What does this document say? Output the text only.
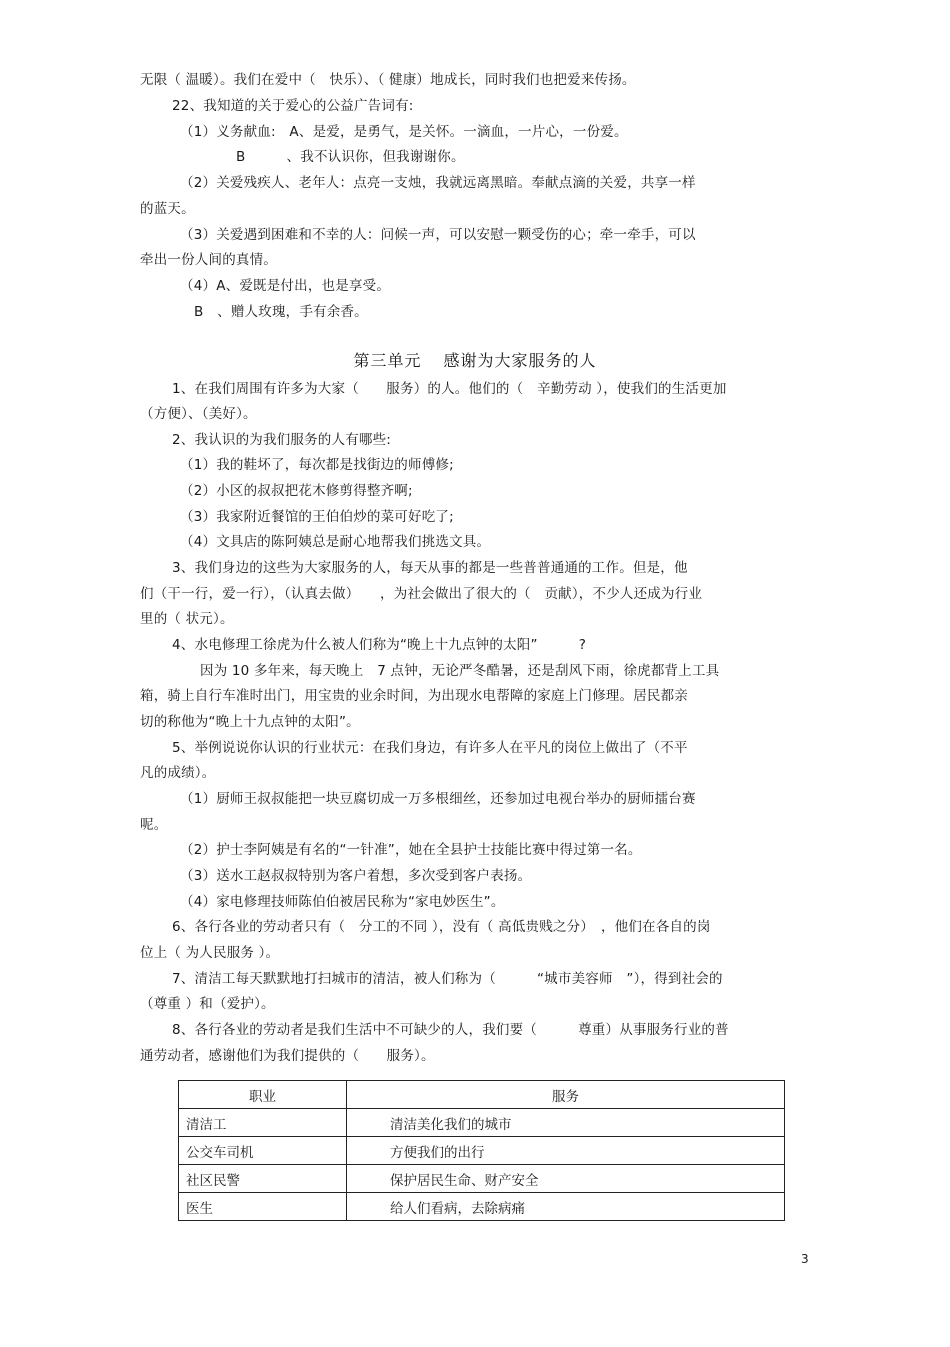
无限（ 温暖）。我们在爱中（　快乐）、（ 健康）地成长，同时我们也把爱来传扬。
22、我知道的关于爱心的公益广告词有:
（1）义务献血:　A、是爱，是勇气，是关怀。一滴血，一片心，一份爱。
B　　　、我不认识你，但我谢谢你。
（2）关爱残疾人、老年人：点亮一支烛，我就远离黑暗。奉献点滴的关爱，共享一样
的蓝天。
（3）关爱遇到困难和不幸的人：问候一声，可以安慰一颗受伤的心；牵一牵手，可以
牵出一份人间的真情。
（4）A、爱既是付出，也是享受。
B　、赠人玫瑰，手有余香。
第三单元 感谢为大家服务的人
1、在我们周围有许多为大家（　　服务）的人。他们的（　辛勤劳动 ），使我们的生活更加
（方便）、（美好）。
2、我认识的为我们服务的人有哪些:
（1）我的鞋坏了，每次都是找街边的师傅修;
（2）小区的叔叔把花木修剪得整齐啊;
（3）我家附近餐馆的王伯伯炒的菜可好吃了;
（4）文具店的陈阿姨总是耐心地帮我们挑选文具。
3、我们身边的这些为大家服务的人，每天从事的都是一些普普通通的工作。但是，他
们（干一行，爱一行），（认真去做）　　，为社会做出了很大的（　贡献），不少人还成为行业
里的（ 状元）。
4、水电修理工徐虎为什么被人们称为“晚上十九点钟的太阳”　　　?
因为 10 多年来，每天晚上　7 点钟，无论严冬酷暑，还是刮风下雨，徐虎都背上工具
箱，骑上自行车准时出门，用宝贵的业余时间，为出现水电帮障的家庭上门修理。居民都亲
切的称他为“晚上十九点钟的太阳”。
5、举例说说你认识的行业状元：在我们身边，有许多人在平凡的岗位上做出了（不平
凡的成绩）。
（1）厨师王叔叔能把一块豆腐切成一万多根细丝，还参加过电视台举办的厨师擂台赛
呢。
（2）护士李阿姨是有名的“一针准”，她在全县护士技能比赛中得过第一名。
（3）送水工赵叔叔特别为客户着想，多次受到客户表扬。
（4）家电修理技师陈伯伯被居民称为“家电妙医生”。
6、各行各业的劳动者只有（　分工的不同 ），没有（ 高低贵贱之分）　，他们在各自的岗
位上（ 为人民服务 ）。
7、清洁工每天默默地打扫城市的清洁，被人们称为（　　　“城市美容师　”），得到社会的
（尊重 ）和（爱护）。
8、各行各业的劳动者是我们生活中不可缺少的人，我们要（　　　尊重）从事服务行业的普
通劳动者，感谢他们为我们提供的（　　服务）。
职业	服务
清洁工	清洁美化我们的城市
公交车司机	方便我们的出行
社区民警	保护居民生命、财产安全
医生	给人们看病，去除病痛
3
